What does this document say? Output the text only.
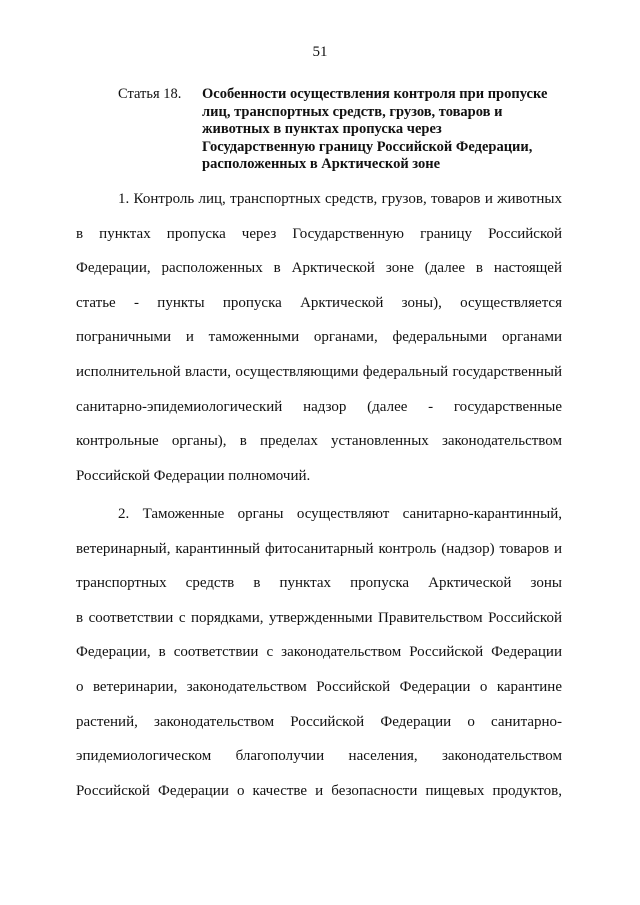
51
Статья 18.	Особенности осуществления контроля при пропуске
лиц, транспортных средств, грузов, товаров и
животных в пунктах пропуска через
Государственную границу Российской Федерации,
расположенных в Арктической зоне
1. Контроль лиц, транспортных средств, грузов, товаров и животных
в пунктах пропуска через Государственную границу Российской
Федерации, расположенных в Арктической зоне (далее в настоящей
статье - пункты пропуска Арктической зоны), осуществляется
пограничными и таможенными органами, федеральными органами
исполнительной власти, осуществляющими федеральный государственный
санитарно-эпидемиологический надзор (далее - государственные
контрольные органы), в пределах установленных законодательством
Российской Федерации полномочий.
2. Таможенные органы осуществляют санитарно-карантинный,
ветеринарный, карантинный фитосанитарный контроль (надзор) товаров и
транспортных средств в пунктах пропуска Арктической зоны
в соответствии с порядками, утвержденными Правительством Российской
Федерации, в соответствии с законодательством Российской Федерации
о ветеринарии, законодательством Российской Федерации о карантине
растений, законодательством Российской Федерации о санитарно-
эпидемиологическом благополучии населения, законодательством
Российской Федерации о качестве и безопасности пищевых продуктов,
